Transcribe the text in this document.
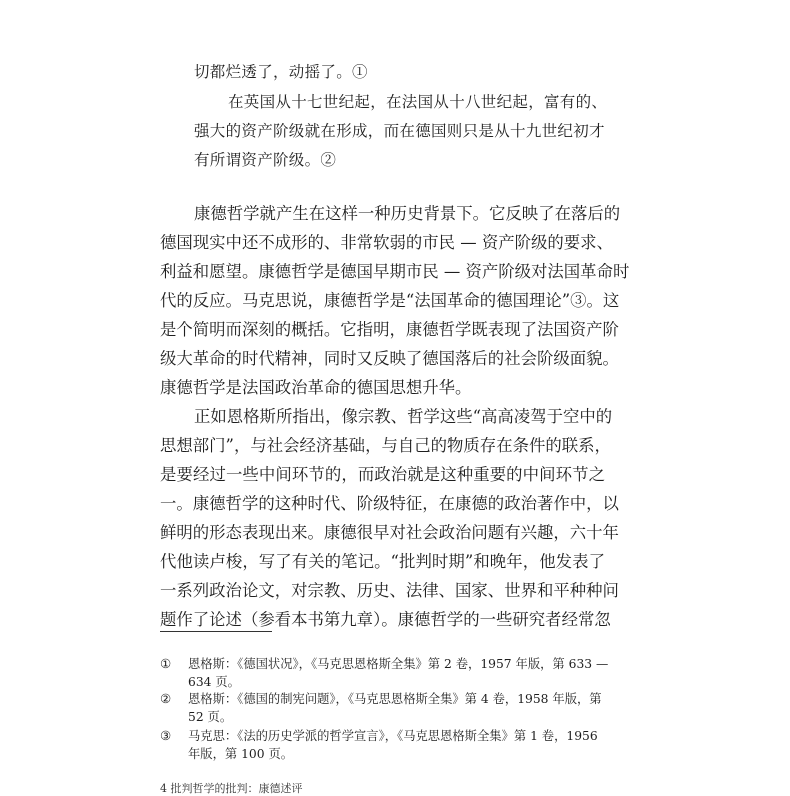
切都烂透了，动摇了。①
在英国从十七世纪起，在法国从十八世纪起，富有的、
强大的资产阶级就在形成，而在德国则只是从十九世纪初才
有所谓资产阶级。②
康德哲学就产生在这样一种历史背景下。它反映了在落后的
德国现实中还不成形的、非常软弱的市民 — 资产阶级的要求、
利益和愿望。康德哲学是德国早期市民 — 资产阶级对法国革命时
代的反应。马克思说，康德哲学是“法国革命的德国理论”③。这
是个简明而深刻的概括。它指明，康德哲学既表现了法国资产阶
级大革命的时代精神，同时又反映了德国落后的社会阶级面貌。
康德哲学是法国政治革命的德国思想升华。
正如恩格斯所指出，像宗教、哲学这些“高高凌驾于空中的
思想部门”，与社会经济基础，与自己的物质存在条件的联系，
是要经过一些中间环节的，而政治就是这种重要的中间环节之
一。康德哲学的这种时代、阶级特征，在康德的政治著作中，以
鲜明的形态表现出来。康德很早对社会政治问题有兴趣，六十年
代他读卢梭，写了有关的笔记。“批判时期”和晚年，他发表了
一系列政治论文，对宗教、历史、法律、国家、世界和平种种问
题作了论述（参看本书第九章）。康德哲学的一些研究者经常忽
① 恩格斯：《德国状况》，《马克思恩格斯全集》第 2 卷，1957 年版，第 633 —
634 页。
② 恩格斯：《德国的制宪问题》，《马克思恩格斯全集》第 4 卷，1958 年版，第
52 页。
③ 马克思：《法的历史学派的哲学宣言》，《马克思恩格斯全集》第 1 卷，1956
年版，第 100 页。
4 批判哲学的批判：康德述评
